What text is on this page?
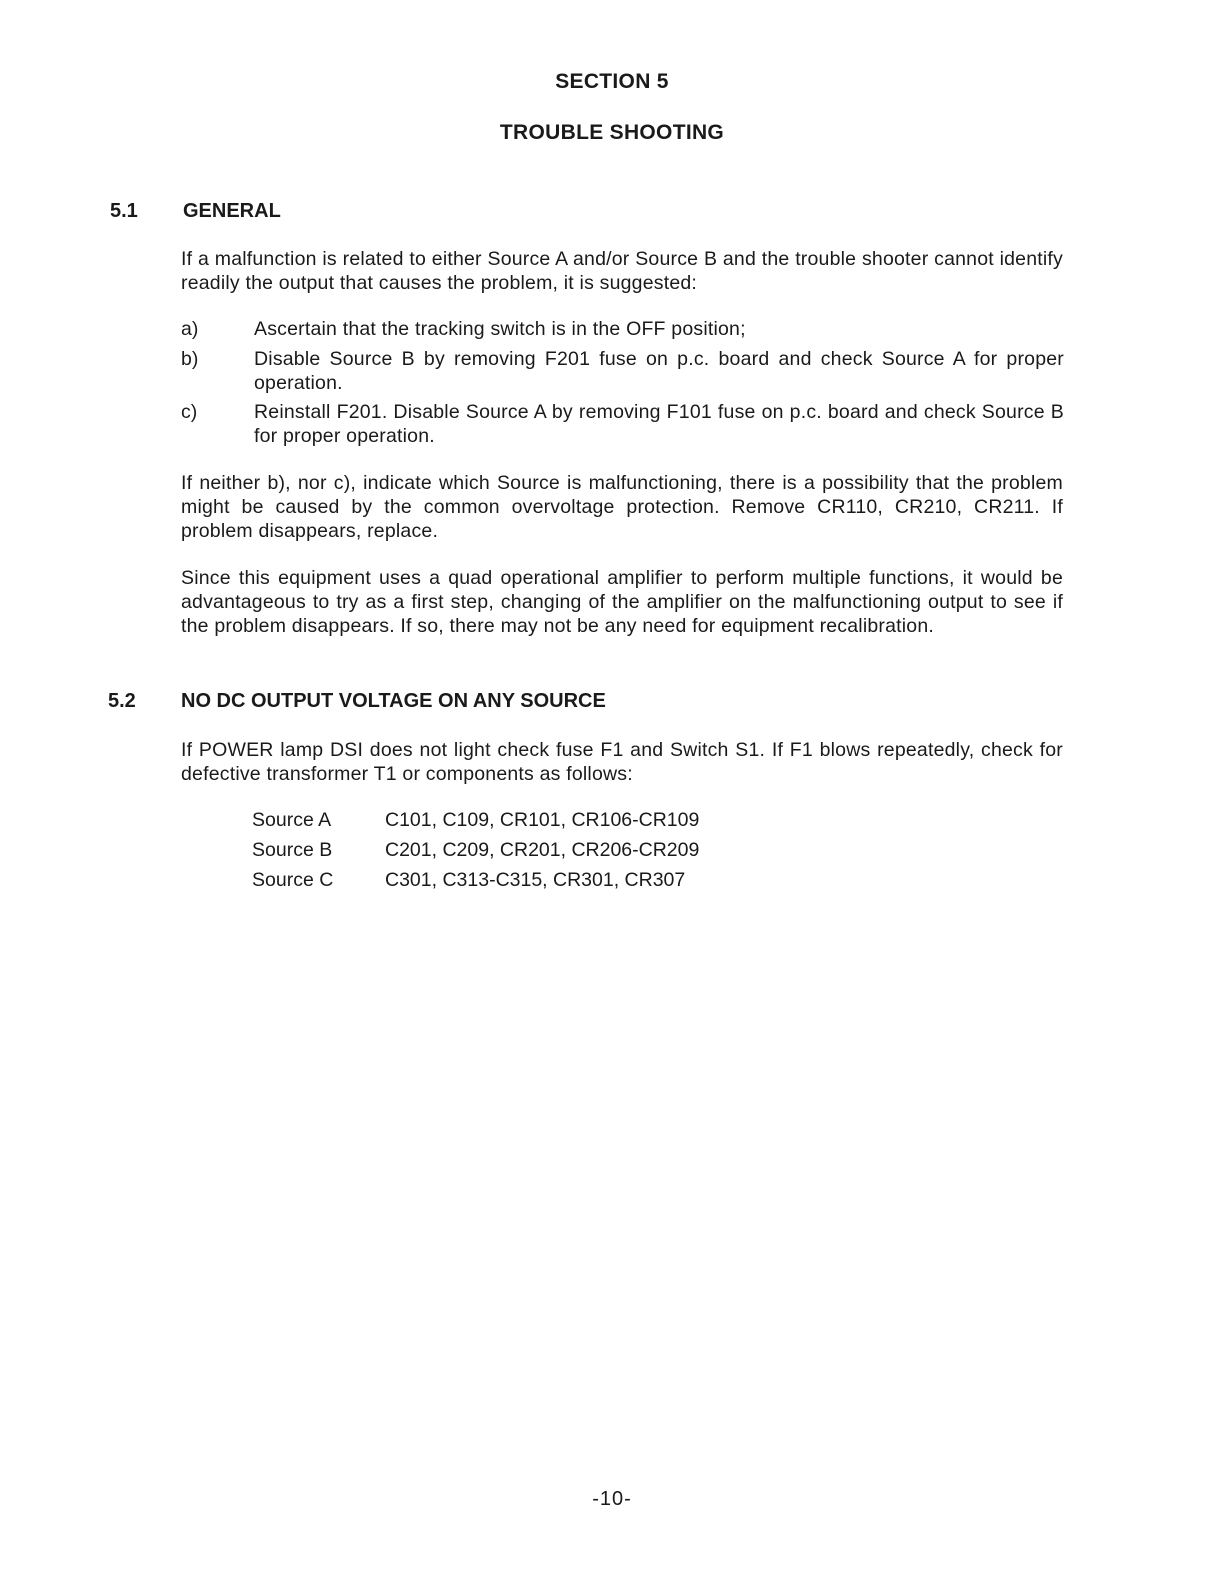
SECTION 5
TROUBLE SHOOTING
5.1 GENERAL
If a malfunction is related to either Source A and/or Source B and the trouble shooter cannot identify readily the output that causes the problem, it is suggested:
a)	Ascertain that the tracking switch is in the OFF position;
b)	Disable Source B by removing F201 fuse on p.c. board and check Source A for proper operation.
c)	Reinstall F201. Disable Source A by removing F101 fuse on p.c. board and check Source B for proper operation.
If neither b), nor c), indicate which Source is malfunctioning, there is a possibility that the problem might be caused by the common overvoltage protection. Remove CR110, CR210, CR211. If problem disappears, replace.
Since this equipment uses a quad operational amplifier to perform multiple functions, it would be advantageous to try as a first step, changing of the amplifier on the malfunctioning output to see if the problem disappears. If so, there may not be any need for equipment recalibration.
5.2 NO DC OUTPUT VOLTAGE ON ANY SOURCE
If POWER lamp DSI does not light check fuse F1 and Switch S1. If F1 blows repeatedly, check for defective transformer T1 or components as follows:
Source A	C101, C109, CR101, CR106-CR109
Source B	C201, C209, CR201, CR206-CR209
Source C	C301, C313-C315, CR301, CR307
-10-
